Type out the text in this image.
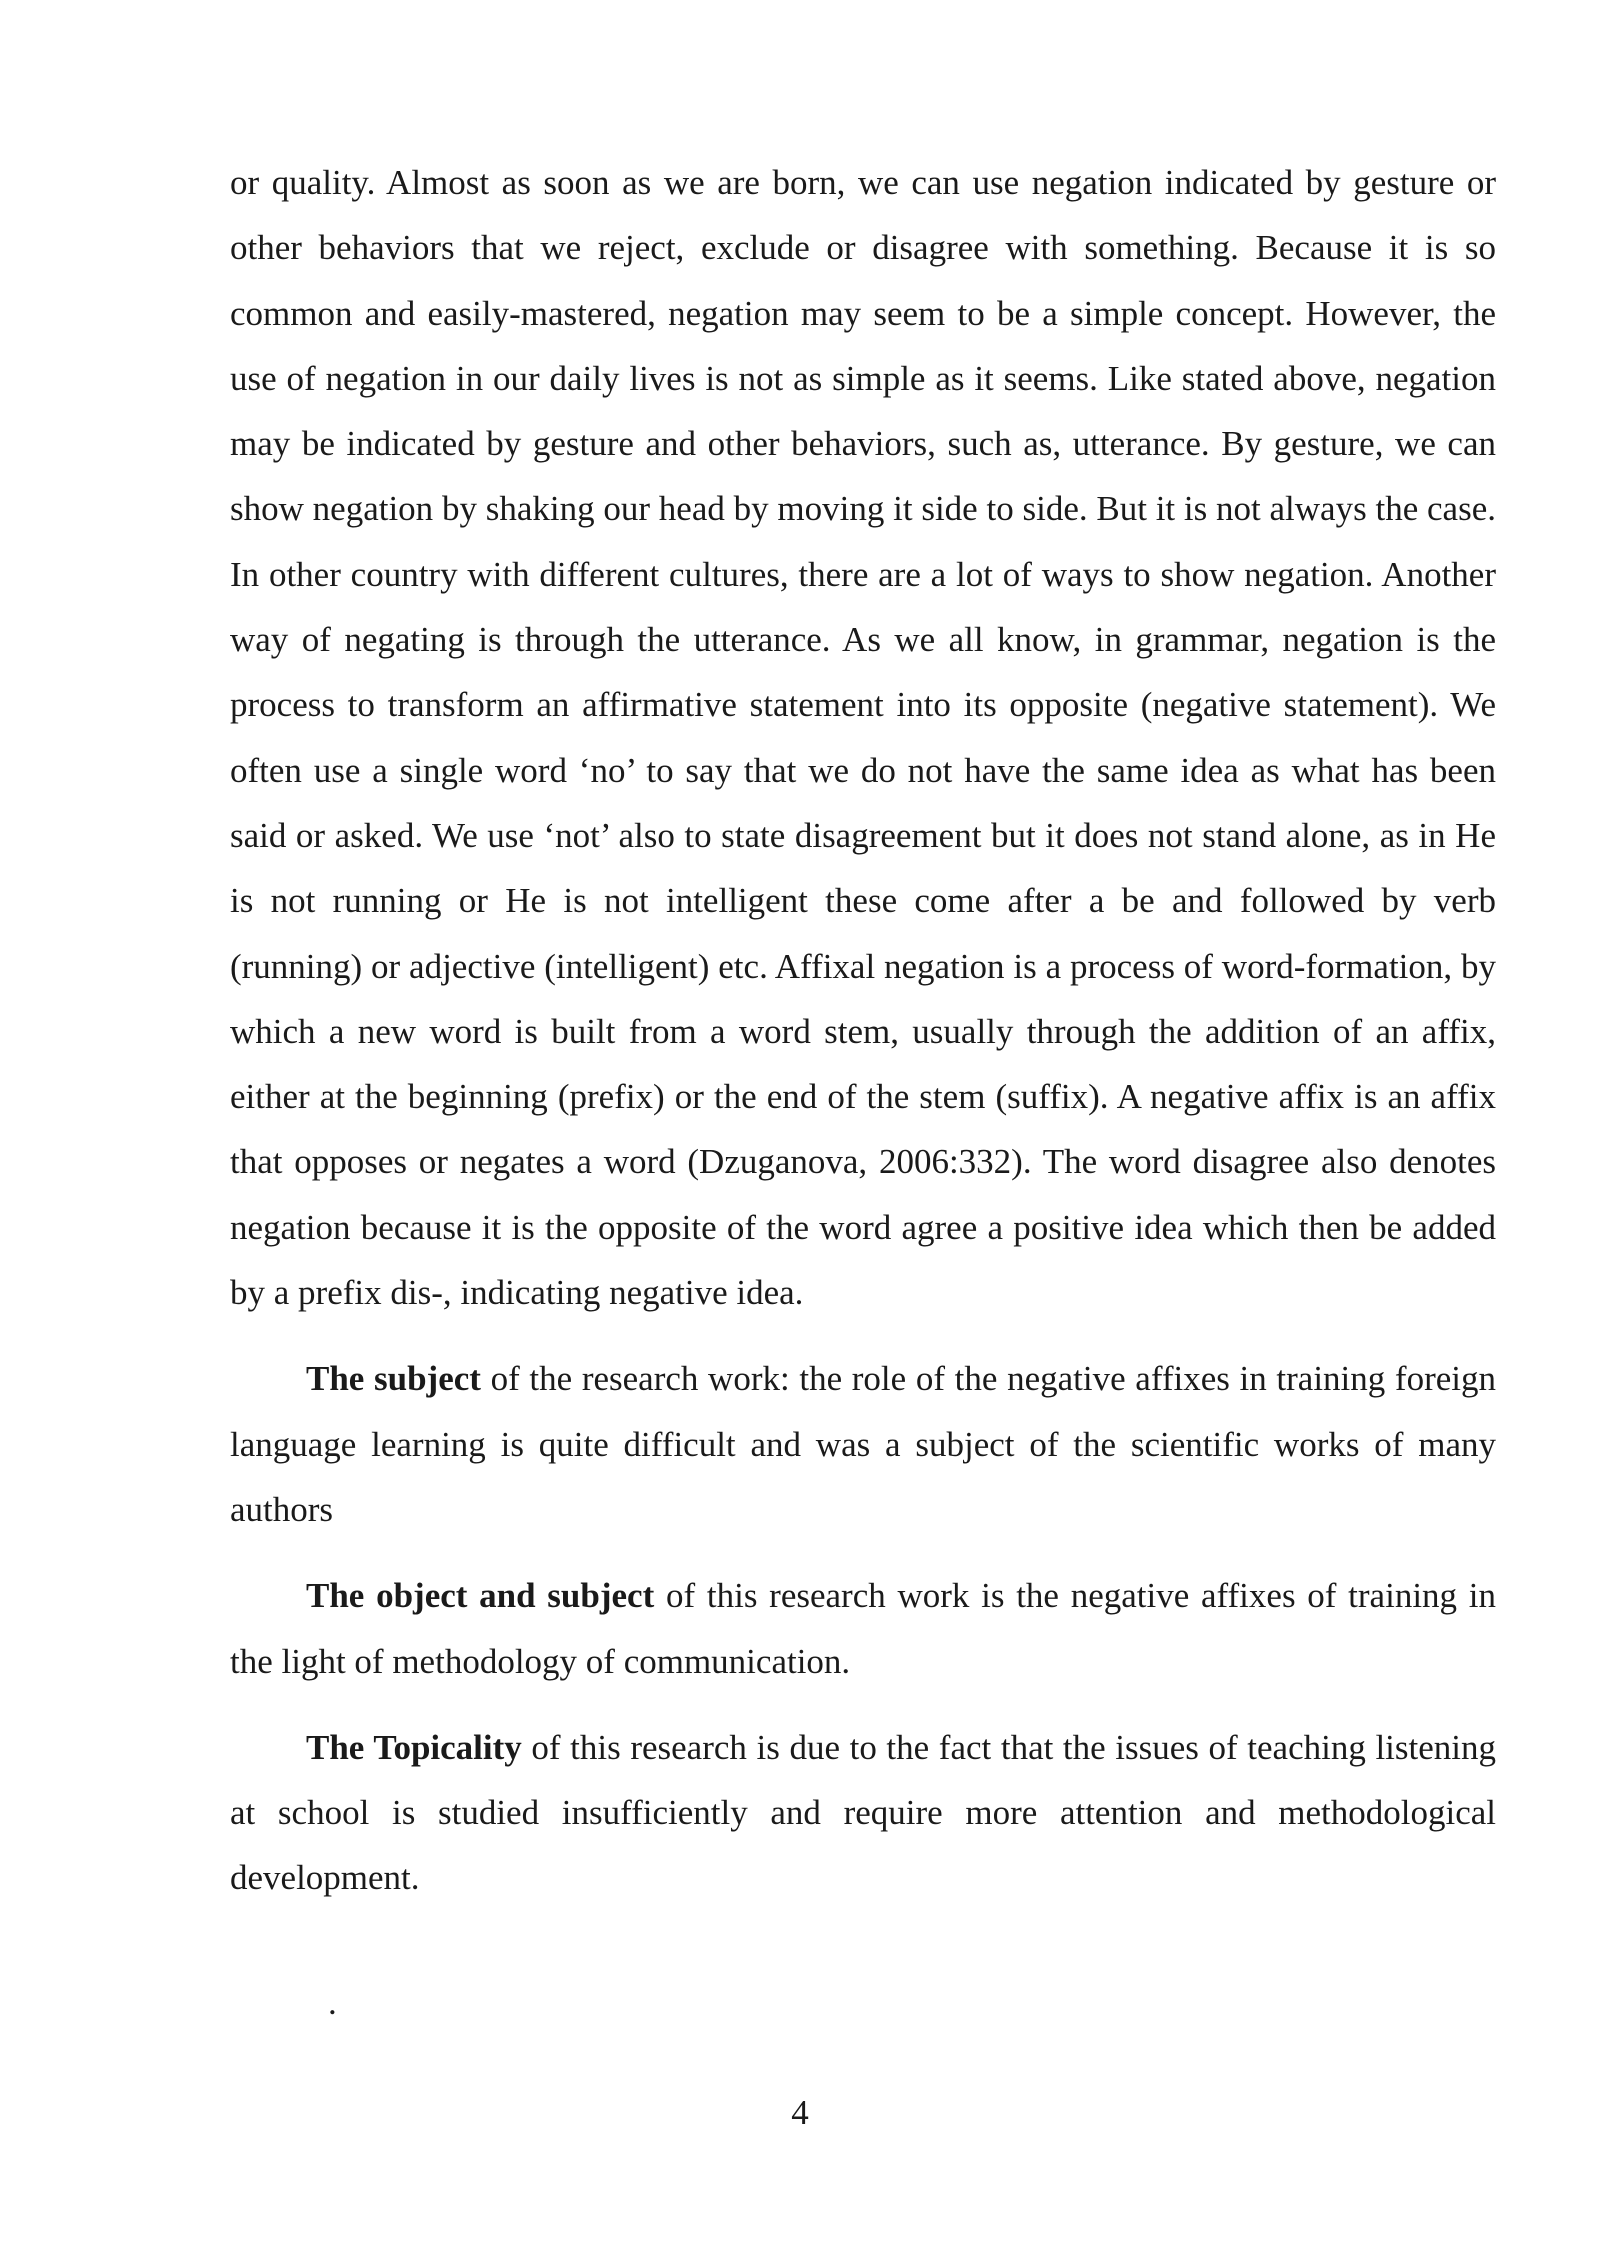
or quality. Almost as soon as we are born, we can use negation indicated by gesture or other behaviors that we reject, exclude or disagree with something. Because it is so common and easily-mastered, negation may seem to be a simple concept. However, the use of negation in our daily lives is not as simple as it seems. Like stated above, negation may be indicated by gesture and other behaviors, such as, utterance. By gesture, we can show negation by shaking our head by moving it side to side. But it is not always the case. In other country with different cultures, there are a lot of ways to show negation. Another way of negating is through the utterance. As we all know, in grammar, negation is the process to transform an affirmative statement into its opposite (negative statement). We often use a single word ‘no’ to say that we do not have the same idea as what has been said or asked. We use ‘not’ also to state disagreement but it does not stand alone, as in He is not running or He is not intelligent these come after a be and followed by verb (running) or adjective (intelligent) etc. Affixal negation is a process of word-formation, by which a new word is built from a word stem, usually through the addition of an affix, either at the beginning (prefix) or the end of the stem (suffix). A negative affix is an affix that opposes or negates a word (Dzuganova, 2006:332). The word disagree also denotes negation because it is the opposite of the word agree a positive idea which then be added by a prefix dis-, indicating negative idea.

The subject of the research work: the role of the negative affixes in training foreign language learning is quite difficult and was a subject of the scientific works of many authors

The object and subject of this research work is the negative affixes of training in the light of methodology of communication.

The Topicality of this research is due to the fact that the issues of teaching listening at school is studied insufficiently and require more attention and methodological development.

.
4
